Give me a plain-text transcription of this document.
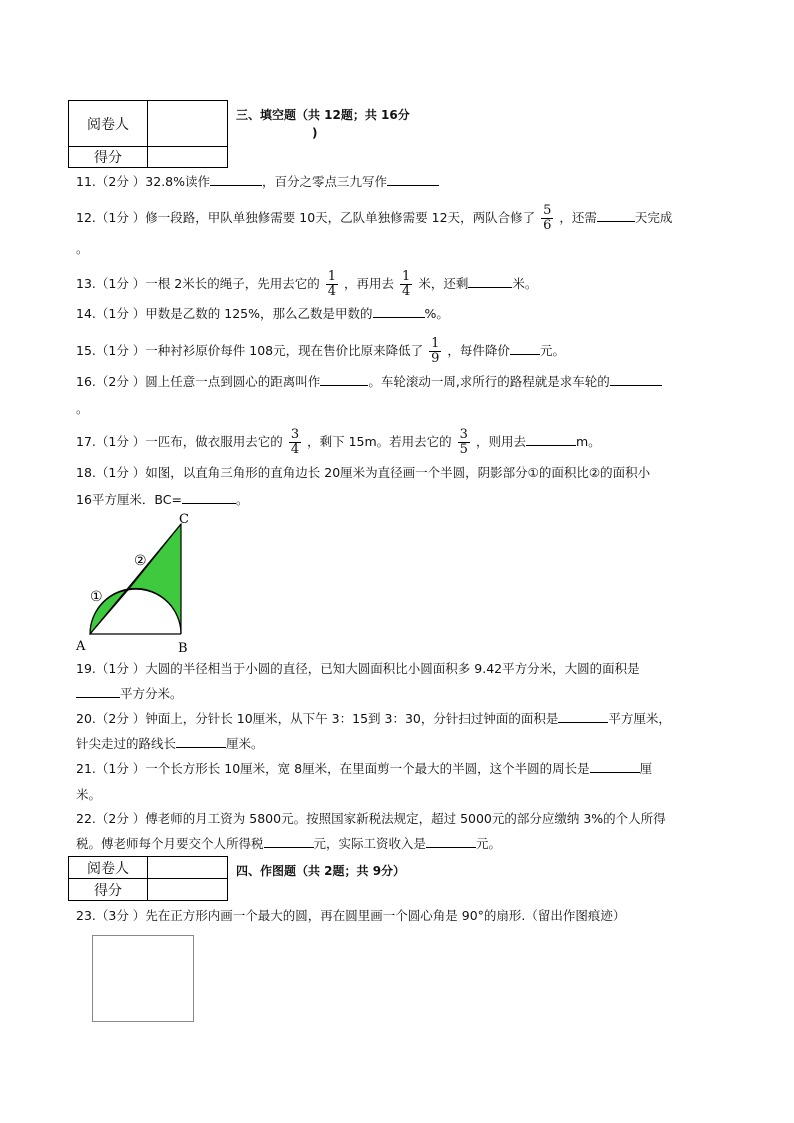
阅卷人	
得分	
三、填空题（共 12题；共 16分
)
11.（2分 ）32.8%读作	，百分之零点三九写作
12.（1分 ）修一段路，甲队单独修需要 10天，乙队单独修需要 12天，两队合修了 $\frac{5}{6}$ ，还需	天完成
。
13.（1分 ）一根 2米长的绳子，先用去它的 $\frac{1}{4}$ ，再用去 $\frac{1}{4}$ 米，还剩	米。
14.（1分 ）甲数是乙数的 125%，那么乙数是甲数的	%。
15.（1分 ）一种衬衫原价每件 108元，现在售价比原来降低了 $\frac{1}{9}$ ，每件降价 元。
16.（2分 ）圆上任意一点到圆心的距离叫作	。车轮滚动一周,求所行的路程就是求车轮的
。
17.（1分 ）一匹布，做衣服用去它的 $\frac{3}{4}$ ，剩下 15m。若用去它的 $\frac{3}{5}$ ，则用去	m。
18.（1分 ）如图，以直角三角形的直角边长 20厘米为直径画一个半圆，阴影部分①的面积比②的面积小
16平方厘米．BC=	。
A	B
C
①
②
19.（1分 ）大圆的半径相当于小圆的直径，已知大圆面积比小圆面积多 9.42平方分米，大圆的面积是
平方分米。
20.（2分 ）钟面上，分针长 10厘米，从下午 3：15到 3：30，分针扫过钟面的面积是	平方厘米，
针尖走过的路线长	厘米。
21.（1分 ）一个长方形长 10厘米，宽 8厘米，在里面剪一个最大的半圆，这个半圆的周长是	厘
米。
22.（2分 ）傅老师的月工资为 5800元。按照国家新税法规定，超过 5000元的部分应缴纳 3%的个人所得
税。傅老师每个月要交个人所得税	元，实际工资收入是	元。
阅卷人	
得分	
四、作图题（共 2题；共 9分）
23.（3分 ）先在正方形内画一个最大的圆，再在圆里画一个圆心角是 90°的扇形.（留出作图痕迹）
